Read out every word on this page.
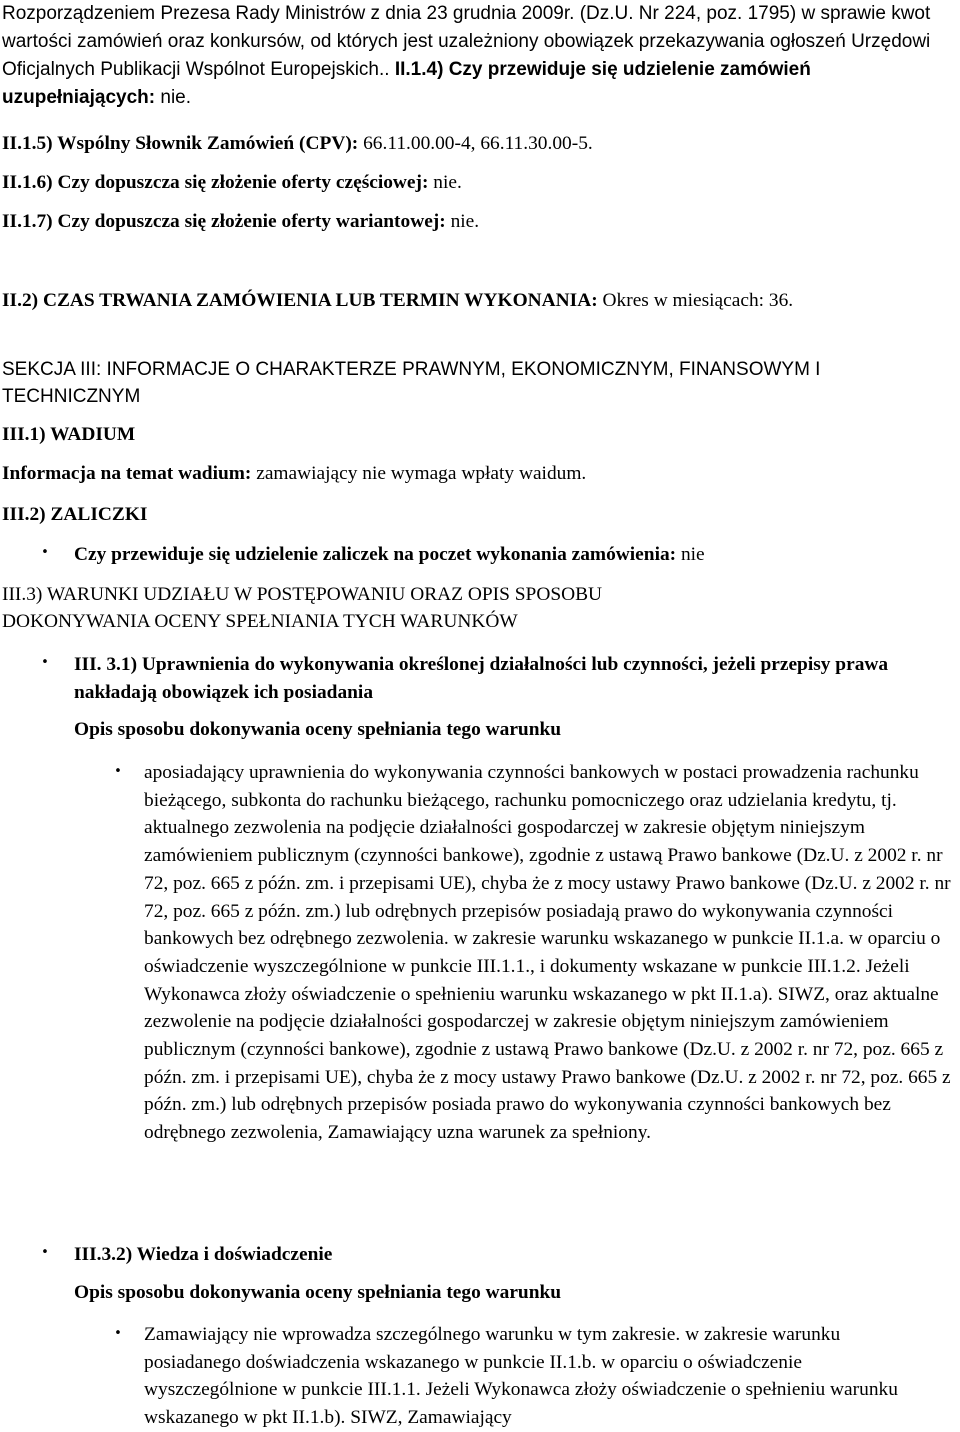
Rozporządzeniem Prezesa Rady Ministrów z dnia 23 grudnia 2009r. (Dz.U. Nr 224, poz. 1795) w sprawie kwot wartości zamówień oraz konkursów, od których jest uzależniony obowiązek przekazywania ogłoszeń Urzędowi Oficjalnych Publikacji Wspólnot Europejskich.. II.1.4) Czy przewiduje się udzielenie zamówień uzupełniających: nie.
II.1.5) Wspólny Słownik Zamówień (CPV): 66.11.00.00-4, 66.11.30.00-5.
II.1.6) Czy dopuszcza się złożenie oferty częściowej: nie.
II.1.7) Czy dopuszcza się złożenie oferty wariantowej: nie.
II.2) CZAS TRWANIA ZAMÓWIENIA LUB TERMIN WYKONANIA: Okres w miesiącach: 36.
SEKCJA III: INFORMACJE O CHARAKTERZE PRAWNYM, EKONOMICZNYM, FINANSOWYM I TECHNICZNYM
III.1) WADIUM
Informacja na temat wadium: zamawiający nie wymaga wpłaty waidum.
III.2) ZALICZKI
• Czy przewiduje się udzielenie zaliczek na poczet wykonania zamówienia: nie
III.3) WARUNKI UDZIAŁU W POSTĘPOWANIU ORAZ OPIS SPOSOBU
DOKONYWANIA OCENY SPEŁNIANIA TYCH WARUNKÓW
• III. 3.1) Uprawnienia do wykonywania określonej działalności lub czynności, jeżeli przepisy prawa nakładają obowiązek ich posiadania
Opis sposobu dokonywania oceny spełniania tego warunku
• aposiadający uprawnienia do wykonywania czynności bankowych w postaci prowadzenia rachunku bieżącego, subkonta do rachunku bieżącego, rachunku pomocniczego oraz udzielania kredytu, tj. aktualnego zezwolenia na podjęcie działalności gospodarczej w zakresie objętym niniejszym zamówieniem publicznym (czynności bankowe), zgodnie z ustawą Prawo bankowe (Dz.U. z 2002 r. nr 72, poz. 665 z późn. zm. i przepisami UE), chyba że z mocy ustawy Prawo bankowe (Dz.U. z 2002 r. nr 72, poz. 665 z późn. zm.) lub odrębnych przepisów posiadają prawo do wykonywania czynności bankowych bez odrębnego zezwolenia. w zakresie warunku wskazanego w punkcie II.1.a. w oparciu o oświadczenie wyszczególnione w punkcie III.1.1., i dokumenty wskazane w punkcie III.1.2. Jeżeli Wykonawca złoży oświadczenie o spełnieniu warunku wskazanego w pkt II.1.a). SIWZ, oraz aktualne zezwolenie na podjęcie działalności gospodarczej w zakresie objętym niniejszym zamówieniem publicznym (czynności bankowe), zgodnie z ustawą Prawo bankowe (Dz.U. z 2002 r. nr 72, poz. 665 z późn. zm. i przepisami UE), chyba że z mocy ustawy Prawo bankowe (Dz.U. z 2002 r. nr 72, poz. 665 z późn. zm.) lub odrębnych przepisów posiada prawo do wykonywania czynności bankowych bez odrębnego zezwolenia, Zamawiający uzna warunek za spełniony.
• III.3.2) Wiedza i doświadczenie
Opis sposobu dokonywania oceny spełniania tego warunku
• Zamawiający nie wprowadza szczególnego warunku w tym zakresie. w zakresie warunku posiadanego doświadczenia wskazanego w punkcie II.1.b. w oparciu o oświadczenie wyszczególnione w punkcie III.1.1. Jeżeli Wykonawca złoży oświadczenie o spełnieniu warunku wskazanego w pkt II.1.b). SIWZ, Zamawiający
